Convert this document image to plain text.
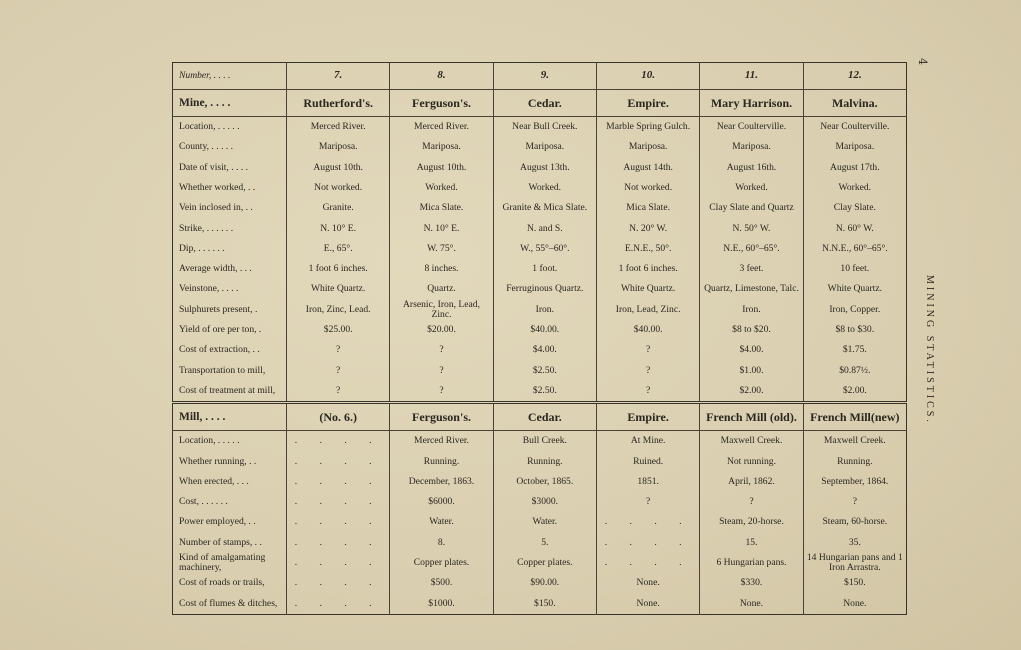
Number, . . . .	7.	8.	9.	10.	11.	12.
Mine, . . . .	Rutherford's.	Ferguson's.	Cedar.	Empire.	Mary Harrison.	Malvina.
Location, . . . . .	Merced River.	Merced River.	Near Bull Creek.	Marble Spring Gulch.	Near Coulterville.	Near Coulterville.
County, . . . . .	Mariposa.	Mariposa.	Mariposa.	Mariposa.	Mariposa.	Mariposa.
Date of visit, . . . .	August 10th.	August 10th.	August 13th.	August 14th.	August 16th.	August 17th.
Whether worked, . .	Not worked.	Worked.	Worked.	Not worked.	Worked.	Worked.
Vein inclosed in, . .	Granite.	Mica Slate.	Granite & Mica Slate.	Mica Slate.	Clay Slate and Quartz	Clay Slate.
Strike, . . . . . .	N. 10° E.	N. 10° E.	N. and S.	N. 20° W.	N. 50° W.	N. 60° W.
Dip, . . . . . .	E., 65°.	W. 75°.	W., 55°–60°.	E.N.E., 50°.	N.E., 60°–65°.	N.N.E., 60°–65°.
Average width, . . .	1 foot 6 inches.	8 inches.	1 foot.	1 foot 6 inches.	3 feet.	10 feet.
Veinstone, . . . .	White Quartz.	Quartz.	Ferruginous Quartz.	White Quartz.	Quartz, Limestone, Talc.	White Quartz.
Sulphurets present, .	Iron, Zinc, Lead.	Arsenic, Iron, Lead, Zinc.	Iron.	Iron, Lead, Zinc.	Iron.	Iron, Copper.
Yield of ore per ton, .	$25.00.	$20.00.	$40.00.	$40.00.	$8 to $20.	$8 to $30.
Cost of extraction, . .	?	?	$4.00.	?	$4.00.	$1.75.
Transportation to mill,	?	?	$2.50.	?	$1.00.	$0.87½.
Cost of treatment at mill,	?	?	$2.50.	?	$2.00.	$2.00.
Mill, . . . .	(No. 6.)	Ferguson's.	Cedar.	Empire.	French Mill (old).	French Mill(new)
Location, . . . . .	. . . .	Merced River.	Bull Creek.	At Mine.	Maxwell Creek.	Maxwell Creek.
Whether running, . .	. . . .	Running.	Running.	Ruined.	Not running.	Running.
When erected, . . .	. . . .	December, 1863.	October, 1865.	1851.	April, 1862.	September, 1864.
Cost, . . . . . .	. . . .	$6000.	$3000.	?	?	?
Power employed, . .	. . . .	Water.	Water.	. . . .	Steam, 20-horse.	Steam, 60-horse.
Number of stamps, . .	. . . .	8.	5.	. . . .	15.	35.
Kind of amalgamating machinery,	. . . .	Copper plates.	Copper plates.	. . . .	6 Hungarian pans.	14 Hungarian pans and 1 Iron Arrastra.
Cost of roads or trails,	. . . .	$500.	$90.00.	None.	$330.	$150.
Cost of flumes & ditches,	. . . .	$1000.	$150.	None.	None.	None.
4
MINING STATISTICS.
